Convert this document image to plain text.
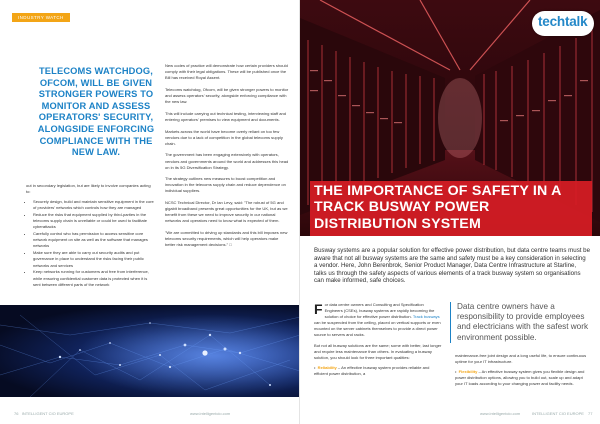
INDUSTRY WATCH
TELECOMS WATCHDOG, OFCOM, WILL BE GIVEN STRONGER POWERS TO MONITOR AND ASSESS OPERATORS' SECURITY, ALONGSIDE ENFORCING COMPLIANCE WITH THE NEW LAW.

out in secondary legislation, but are likely to involve companies acting to:

• Securely design, build and maintain sensitive equipment in the core of providers' networks which controls how they are managed
• Reduce the risks that equipment supplied by third-parties in the telecoms supply chain is unreliable or could be used to facilitate cyberattacks
• Carefully control who has permission to access sensitive core network equipment on site as well as the software that manages networks
• Make sure they are able to carry out security audits and put governance in place to understand the risks facing their public networks and services
• Keep networks running for customers and free from interference, while ensuring confidential customer data is protected when it is sent between different parts of the network

New codes of practice will demonstrate how certain providers should comply with their legal obligations. These will be published once the Bill has received Royal Assent.

Telecoms watchdog, Ofcom, will be given stronger powers to monitor and assess operators' security, alongside enforcing compliance with the new law.

This will include carrying out technical testing, interviewing staff and entering operators' premises to view equipment and documents.

Markets across the world have become overly reliant on too few vendors due to a lack of competition in the global telecoms supply chain.

The government has been engaging extensively with operators, vendors and governments around the world and addresses this head on in its 5G Diversification Strategy.

The strategy outlines new measures to boost competition and innovation in the telecoms supply chain and reduce dependence on individual suppliers.

NCSC Technical Director, Dr Ian Levy, said: "The robust of 5G and gigabit broadband presents great opportunities for the UK, but as we benefit from these we need to improve security in our national networks and operators need to know what is expected of them.

"We are committed to driving up standards and this bill imposes new telecoms security requirements, which will help operators make better risk management decisions." □

76 INTELLIGENT CIO EUROPE	www.intelligentcio.com
techtalk
THE IMPORTANCE OF SAFETY IN A TRACK BUSWAY POWER DISTRIBUTION SYSTEM
Busway systems are a popular solution for effective power distribution, but data centre teams must be aware that not all busway systems are the same and safety must be a key consideration in selecting a vendor. Here, John Berenbrok, Senior Product Manager, Data Centre Infrastructure at Starline, talks us through the safety aspects of various elements of a track busway system so organisations can make informed, safe choices.

For data centre owners and Consulting and Specification Engineers (CSEs), busway systems are rapidly becoming the solution of choice for effective power distribution. Track busways can be suspended from the ceiling, placed on vertical supports or even mounted on the server cabinets themselves to provide a direct power source to servers and racks.

But not all busway solutions are the same; some with better, last longer and require less maintenance than others. In evaluating a busway solution, you should look for three important qualities:

•  Reliability – An effective busway system provides reliable and efficient power distribution, a

Data centre owners have a responsibility to provide employees and electricians with the safest work environment possible.

maintenance-free joint design and a long useful life, to ensure continuous uptime for your IT infrastructure.

•  Flexibility – An effective busway system gives you flexible design and power distribution options, allowing you to build out, scale up and adapt your IT loads according to your changing power and facility needs.

www.intelligentcio.com	INTELLIGENT CIO EUROPE 77
